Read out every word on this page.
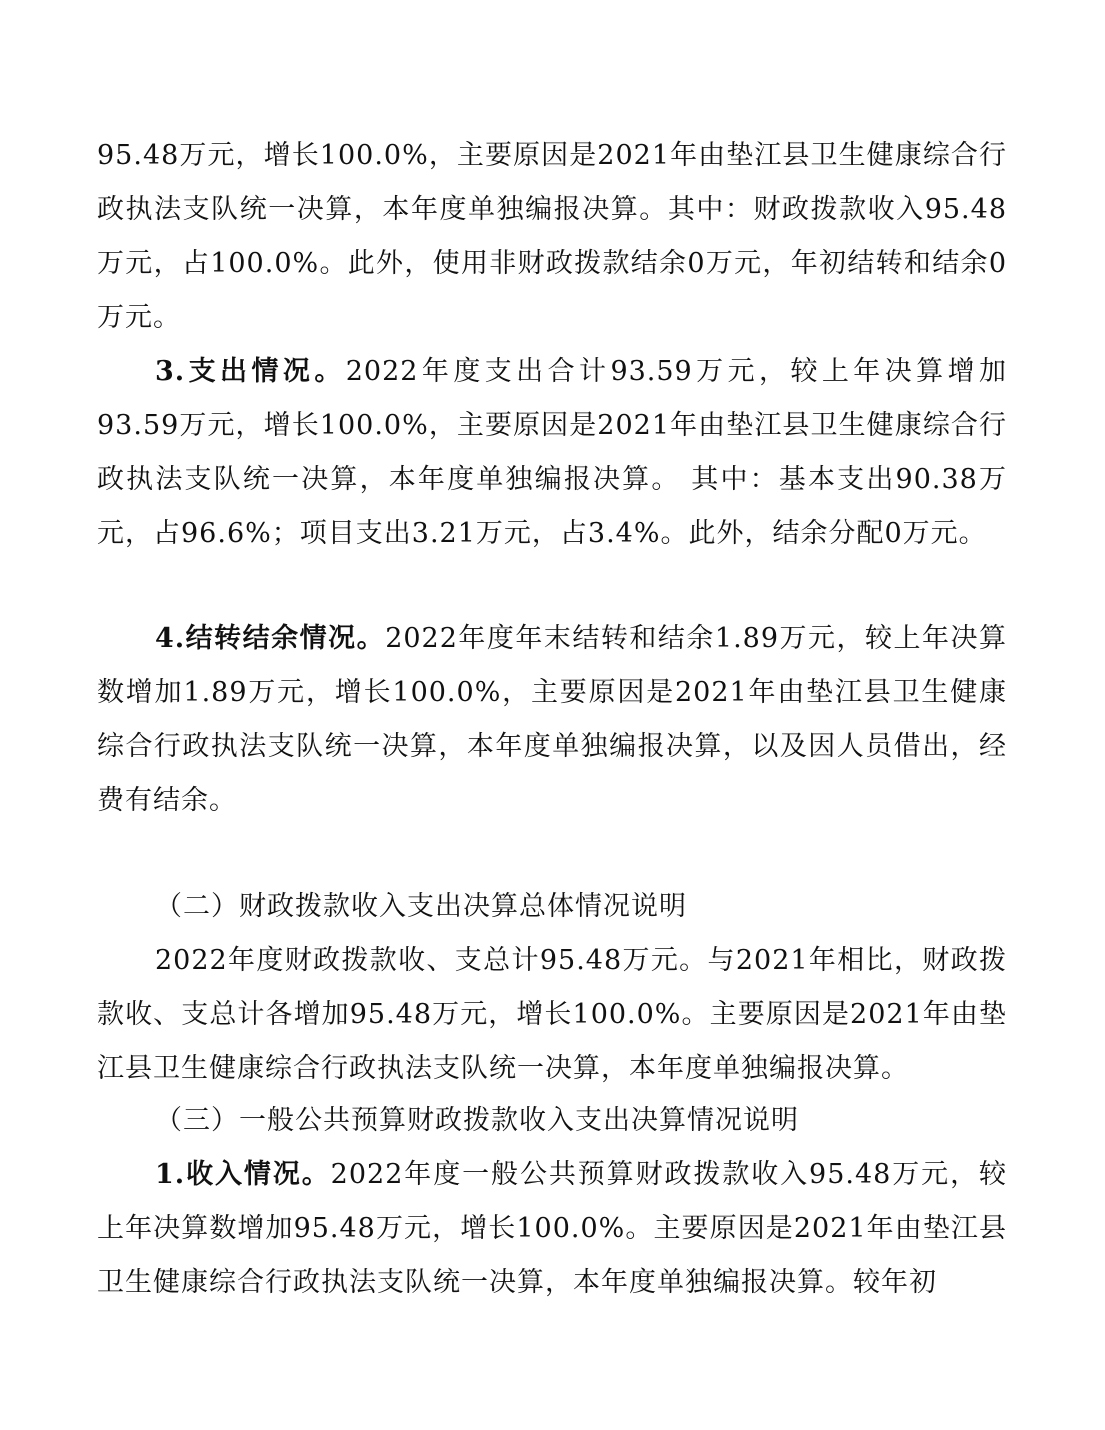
95.48万元，增长100.0%，主要原因是2021年由垫江县卫生健康综合行政执法支队统一决算，本年度单独编报决算。其中：财政拨款收入95.48万元，占100.0%。此外，使用非财政拨款结余0万元，年初结转和结余0万元。

3.支出情况。2022年度支出合计93.59万元，较上年决算增加93.59万元，增长100.0%，主要原因是2021年由垫江县卫生健康综合行政执法支队统一决算，本年度单独编报决算。 其中：基本支出90.38万元，占96.6%；项目支出3.21万元，占3.4%。此外，结余分配0万元。

4.结转结余情况。2022年度年末结转和结余1.89万元，较上年决算数增加1.89万元，增长100.0%，主要原因是2021年由垫江县卫生健康综合行政执法支队统一决算，本年度单独编报决算，以及因人员借出，经费有结余。

（二）财政拨款收入支出决算总体情况说明

2022年度财政拨款收、支总计95.48万元。与2021年相比，财政拨款收、支总计各增加95.48万元，增长100.0%。主要原因是2021年由垫江县卫生健康综合行政执法支队统一决算，本年度单独编报决算。

（三）一般公共预算财政拨款收入支出决算情况说明

1.收入情况。2022年度一般公共预算财政拨款收入95.48万元，较上年决算数增加95.48万元，增长100.0%。主要原因是2021年由垫江县卫生健康综合行政执法支队统一决算，本年度单独编报决算。较年初
